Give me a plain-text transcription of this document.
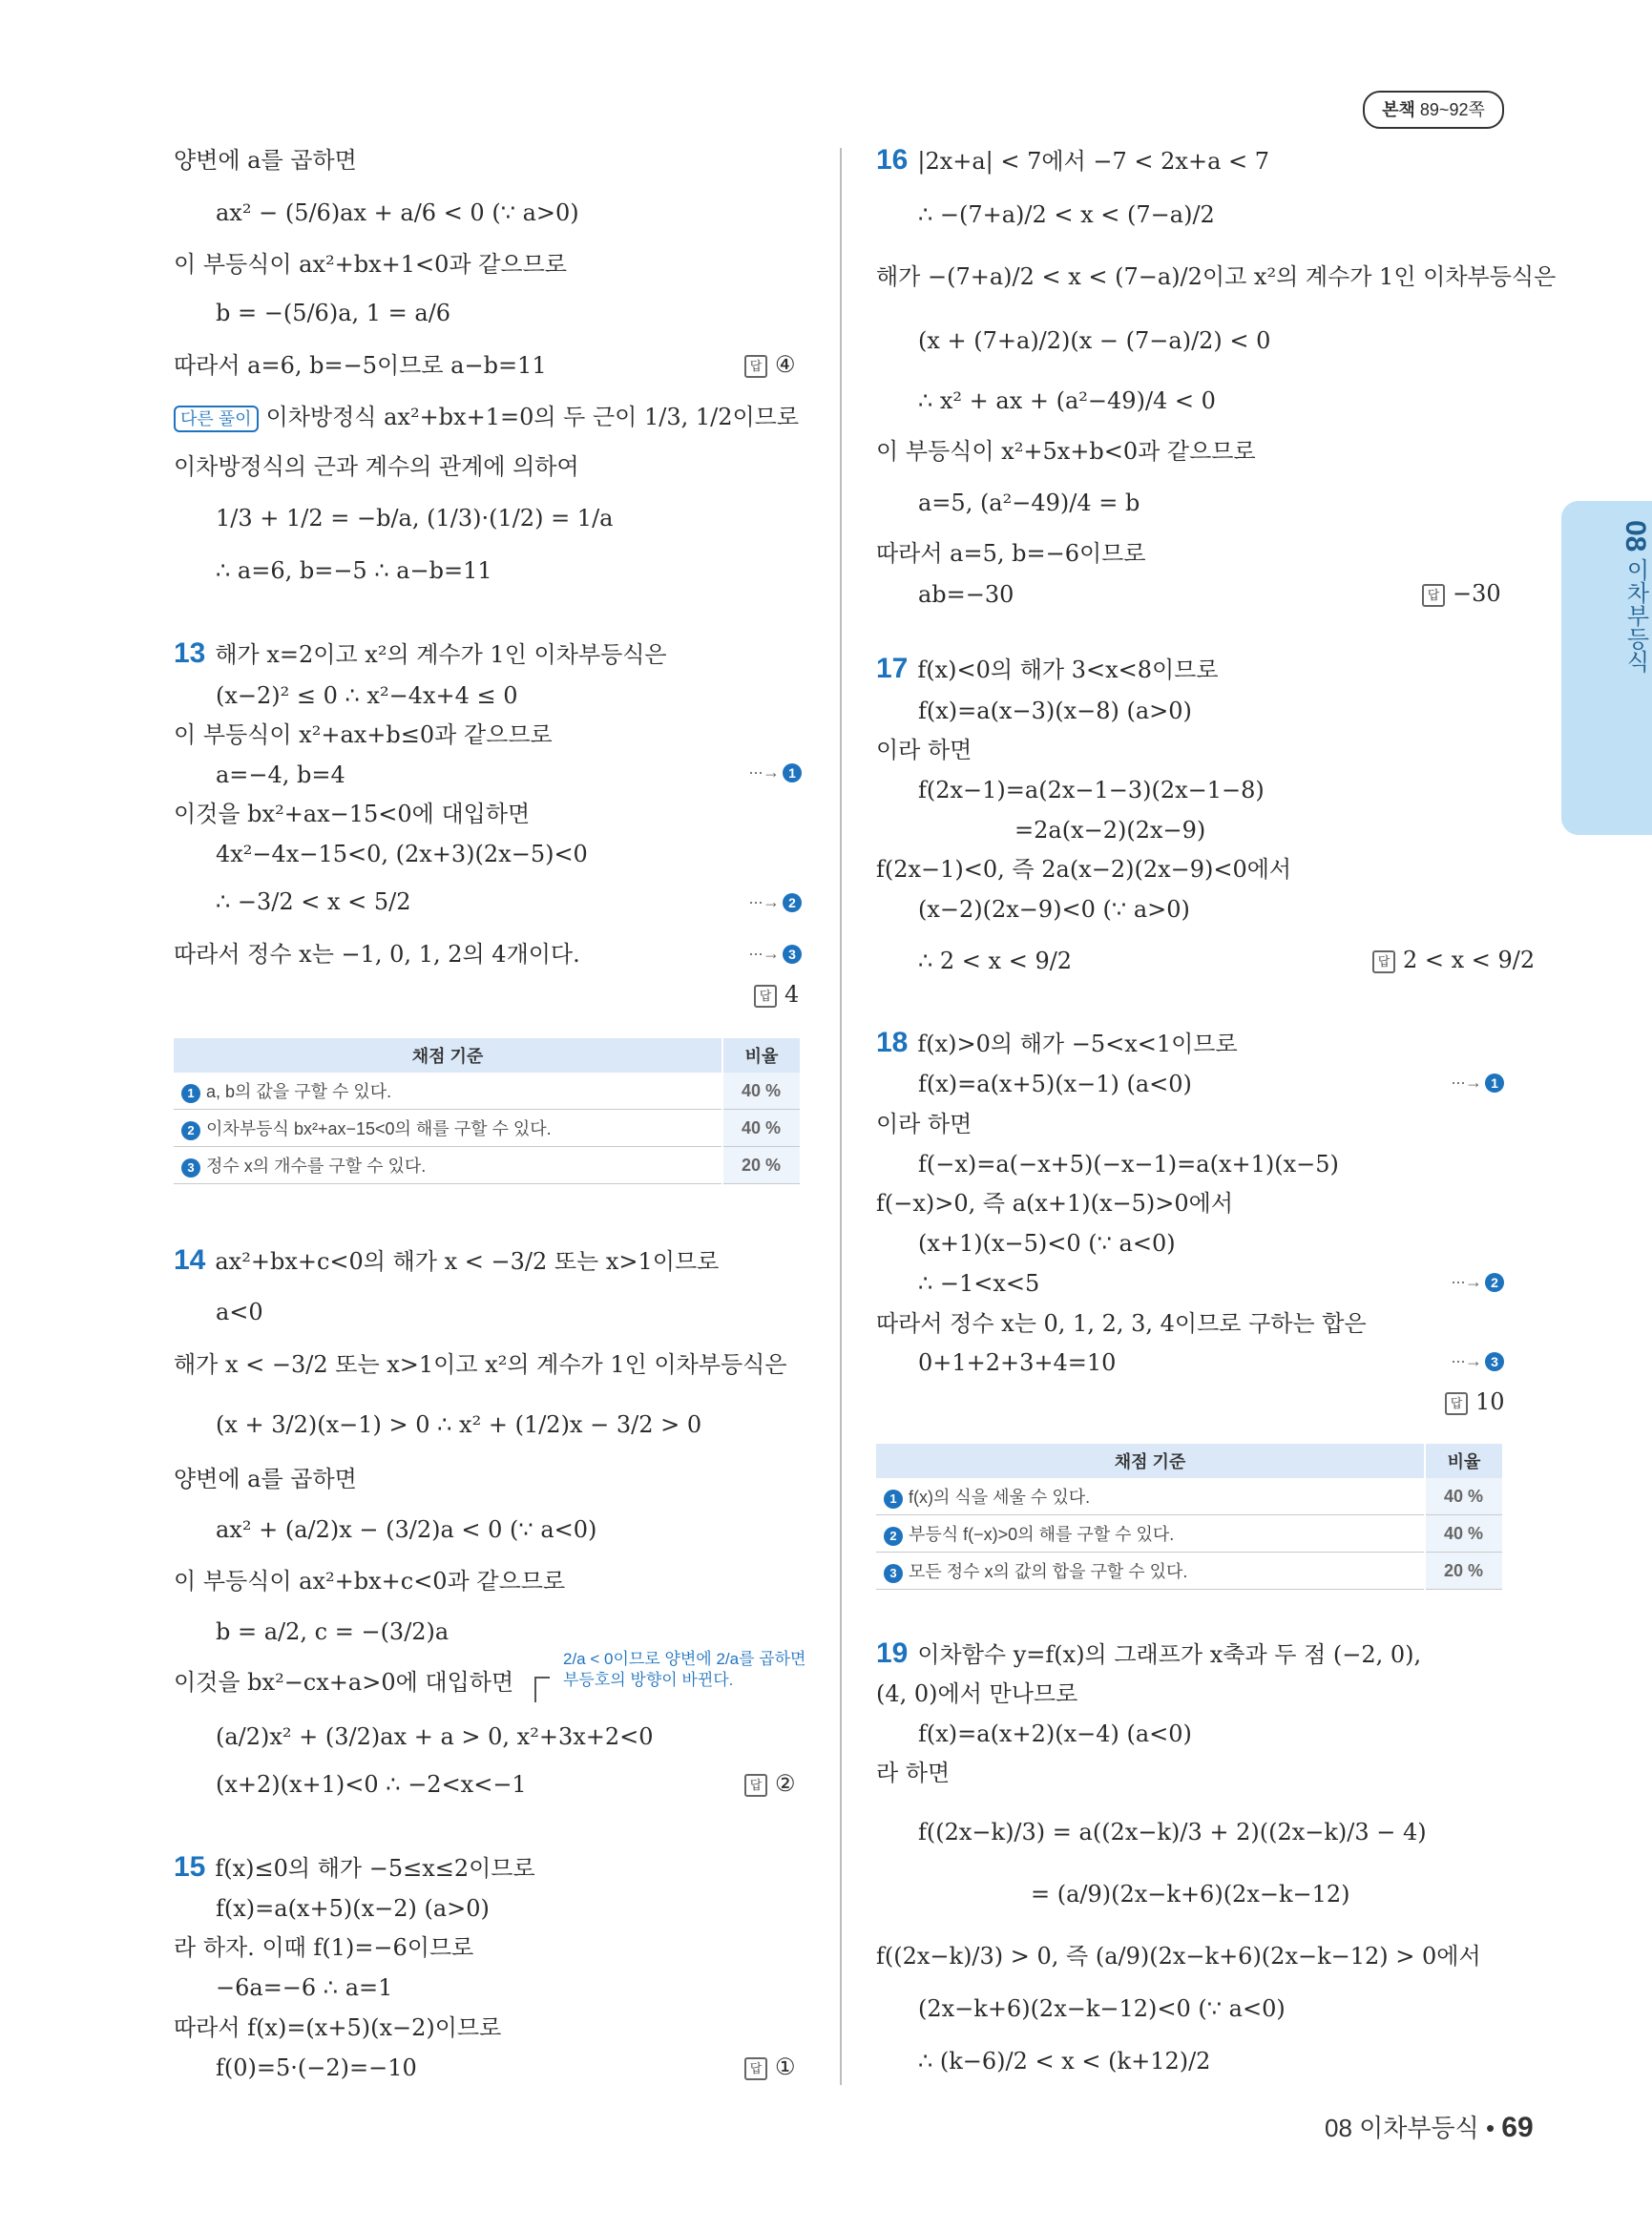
본책 89~92쪽
08 이차부등식
양변에 a를 곱하면
ax² − (5/6)ax + a/6 < 0 (∵ a>0)
이 부등식이 ax²+bx+1<0과 같으므로
b = −(5/6)a, 1 = a/6
따라서 a=6, b=−5이므로 a−b=11	답 ④
다른 풀이 이차방정식 ax²+bx+1=0의 두 근이 1/3, 1/2이므로
이차방정식의 근과 계수의 관계에 의하여
1/3 + 1/2 = −b/a, (1/3)·(1/2) = 1/a
∴ a=6, b=−5 ∴ a−b=11
13 해가 x=2이고 x²의 계수가 1인 이차부등식은
(x−2)² ≤ 0 ∴ x²−4x+4 ≤ 0
이 부등식이 x²+ax+b≤0과 같으므로
a=−4, b=4	···→ 1
이것을 bx²+ax−15<0에 대입하면
4x²−4x−15<0, (2x+3)(2x−5)<0
∴ −3/2 < x < 5/2	···→ 2
따라서 정수 x는 −1, 0, 1, 2의 4개이다.	···→ 3
답 4
채점 기준	비율
1 a, b의 값을 구할 수 있다.	40 %
2 이차부등식 bx²+ax−15<0의 해를 구할 수 있다.	40 %
3 정수 x의 개수를 구할 수 있다.	20 %
14 ax²+bx+c<0의 해가 x < −3/2 또는 x>1이므로
a<0
해가 x < −3/2 또는 x>1이고 x²의 계수가 1인 이차부등식은
(x + 3/2)(x−1) > 0 ∴ x² + (1/2)x − 3/2 > 0
양변에 a를 곱하면
ax² + (a/2)x − (3/2)a < 0 (∵ a<0)
이 부등식이 ax²+bx+c<0과 같으므로
b = a/2, c = −(3/2)a
이것을 bx²−cx+a>0에 대입하면
2/a < 0이므로 양변에 2/a를 곱하면 부등호의 방향이 바뀐다.
(a/2)x² + (3/2)ax + a > 0, x²+3x+2<0
(x+2)(x+1)<0 ∴ −2<x<−1	답 ②
15 f(x)≤0의 해가 −5≤x≤2이므로
f(x)=a(x+5)(x−2) (a>0)
라 하자. 이때 f(1)=−6이므로
−6a=−6 ∴ a=1
따라서 f(x)=(x+5)(x−2)이므로
f(0)=5·(−2)=−10	답 ①
16 |2x+a| < 7에서 −7 < 2x+a < 7
∴ −(7+a)/2 < x < (7−a)/2
해가 −(7+a)/2 < x < (7−a)/2이고 x²의 계수가 1인 이차부등식은
(x + (7+a)/2)(x − (7−a)/2) < 0
∴ x² + ax + (a²−49)/4 < 0
이 부등식이 x²+5x+b<0과 같으므로
a=5, (a²−49)/4 = b
따라서 a=5, b=−6이므로
ab=−30	답 −30
17 f(x)<0의 해가 3<x<8이므로
f(x)=a(x−3)(x−8) (a>0)
이라 하면
f(2x−1)=a(2x−1−3)(2x−1−8)
=2a(x−2)(2x−9)
f(2x−1)<0, 즉 2a(x−2)(2x−9)<0에서
(x−2)(2x−9)<0 (∵ a>0)
∴ 2 < x < 9/2	답 2 < x < 9/2
18 f(x)>0의 해가 −5<x<1이므로
f(x)=a(x+5)(x−1) (a<0)	···→ 1
이라 하면
f(−x)=a(−x+5)(−x−1)=a(x+1)(x−5)
f(−x)>0, 즉 a(x+1)(x−5)>0에서
(x+1)(x−5)<0 (∵ a<0)
∴ −1<x<5	···→ 2
따라서 정수 x는 0, 1, 2, 3, 4이므로 구하는 합은
0+1+2+3+4=10	···→ 3
답 10
채점 기준	비율
1 f(x)의 식을 세울 수 있다.	40 %
2 부등식 f(−x)>0의 해를 구할 수 있다.	40 %
3 모든 정수 x의 값의 합을 구할 수 있다.	20 %
19 이차함수 y=f(x)의 그래프가 x축과 두 점 (−2, 0),
(4, 0)에서 만나므로
f(x)=a(x+2)(x−4) (a<0)
라 하면
f((2x−k)/3) = a((2x−k)/3 + 2)((2x−k)/3 − 4)
= (a/9)(2x−k+6)(2x−k−12)
f((2x−k)/3) > 0, 즉 (a/9)(2x−k+6)(2x−k−12) > 0에서
(2x−k+6)(2x−k−12)<0 (∵ a<0)
∴ (k−6)/2 < x < (k+12)/2
08 이차부등식 • 69
